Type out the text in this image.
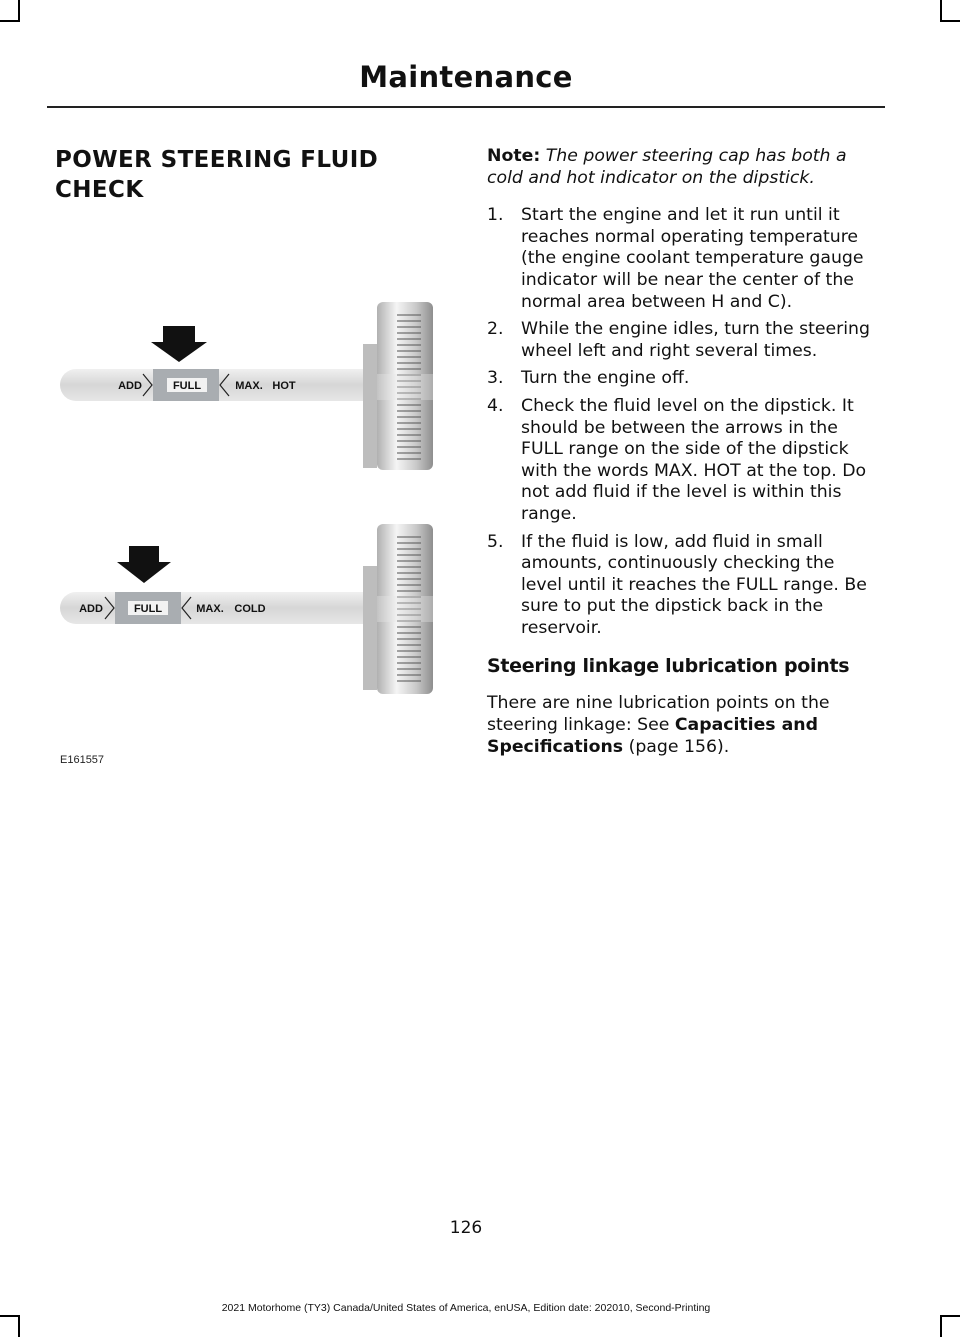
Maintenance
POWER STEERING FLUID CHECK
ADD	FULL	MAX. HOT
ADD	FULL	MAX. COLD
E161557

Note: The power steering cap has both a cold and hot indicator on the dipstick.

1. Start the engine and let it run until it reaches normal operating temperature (the engine coolant temperature gauge indicator will be near the center of the normal area between H and C).
2. While the engine idles, turn the steering wheel left and right several times.
3. Turn the engine off.
4. Check the fluid level on the dipstick. It should be between the arrows in the FULL range on the side of the dipstick with the words MAX. HOT at the top. Do not add fluid if the level is within this range.
5. If the fluid is low, add fluid in small amounts, continuously checking the level until it reaches the FULL range. Be sure to put the dipstick back in the reservoir.
Steering linkage lubrication points

There are nine lubrication points on the steering linkage: See Capacities and Specifications (page 156).

126
2021 Motorhome (TY3) Canada/United States of America, enUSA, Edition date: 202010, Second-Printing
